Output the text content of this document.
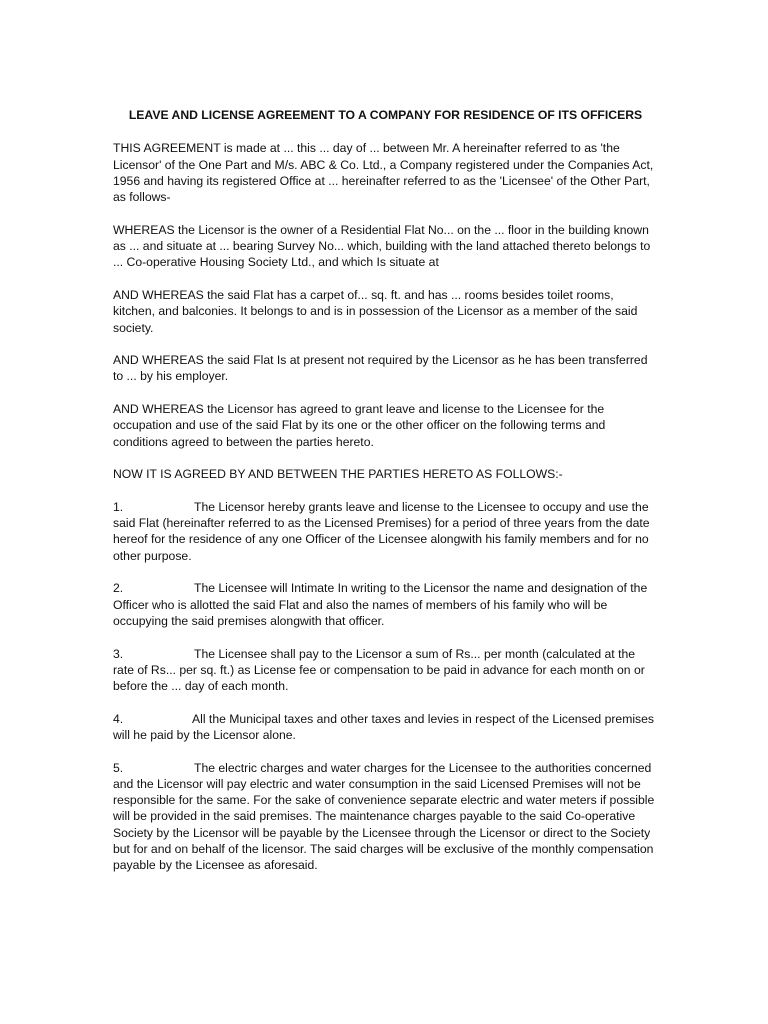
LEAVE AND LICENSE AGREEMENT TO A COMPANY FOR RESIDENCE OF ITS OFFICERS
THIS AGREEMENT is made at ... this ... day of ... between Mr. A hereinafter referred to as 'the Licensor' of the One Part and M/s. ABC & Co. Ltd., a Company registered under the Companies Act, 1956 and having its registered Office at ... hereinafter referred to as the 'Licensee' of the Other Part, as follows-
WHEREAS the Licensor is the owner of a Residential Flat No... on the ... floor in the building known as ... and situate at ... bearing Survey No... which, building with the land attached thereto belongs to ... Co-operative Housing Society Ltd., and which Is situate at
AND WHEREAS the said Flat has a carpet of... sq. ft. and has ... rooms besides toilet rooms, kitchen, and balconies. It belongs to and is in possession of the Licensor as a member of the said society.
AND WHEREAS the said Flat Is at present not required by the Licensor as he has been transferred to ... by his employer.
AND WHEREAS the Licensor has agreed to grant leave and license to the Licensee for the occupation and use of the said Flat by its one or the other officer on the following terms and conditions agreed to between the parties hereto.
NOW IT IS AGREED BY AND BETWEEN THE PARTIES HERETO AS FOLLOWS:-
1.	The Licensor hereby grants leave and license to the Licensee to occupy and use the said Flat (hereinafter referred to as the Licensed Premises) for a period of three years from the date hereof for the residence of any one Officer of the Licensee alongwith his family members and for no other purpose.
2.	The Licensee will Intimate In writing to the Licensor the name and designation of the Officer who is allotted the said Flat and also the names of members of his family who will be occupying the said premises alongwith that officer.
3.	The Licensee shall pay to the Licensor a sum of Rs... per month (calculated at the rate of Rs... per sq. ft.) as License fee or compensation to be paid in advance for each month on or before the ... day of each month.
4.	All the Municipal taxes and other taxes and levies in respect of the Licensed premises will he paid by the Licensor alone.
5.	The electric charges and water charges for the Licensee to the authorities concerned and the Licensor will pay electric and water consumption in the said Licensed Premises will not be responsible for the same. For the sake of convenience separate electric and water meters if possible will be provided in the said premises. The maintenance charges payable to the said Co-operative Society by the Licensor will be payable by the Licensee through the Licensor or direct to the Society but for and on behalf of the licensor. The said charges will be exclusive of the monthly compensation payable by the Licensee as aforesaid.
